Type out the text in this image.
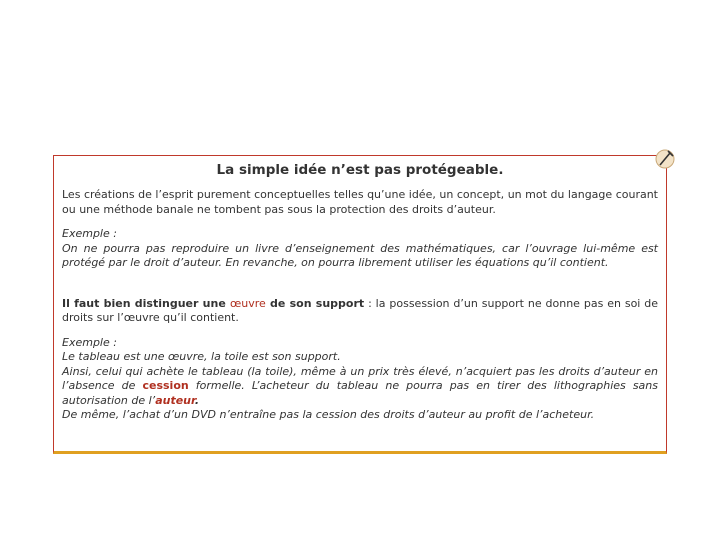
La simple idée n’est pas protégeable.

Les créations de l’esprit purement conceptuelles telles qu’une idée, un concept, un mot du langage courant ou une méthode banale ne tombent pas sous la protection des droits d’auteur.

Exemple :

On ne pourra pas reproduire un livre d’enseignement des mathématiques, car l’ouvrage lui-même est protégé par le droit d’auteur. En revanche, on pourra librement utiliser les équations qu’il contient.

Il faut bien distinguer une œuvre de son support : la possession d’un support ne donne pas en soi de droits sur l’œuvre qu’il contient.

Exemple :

Le tableau est une œuvre, la toile est son support.

Ainsi, celui qui achète le tableau (la toile), même à un prix très élevé, n’acquiert pas les droits d’auteur en l’absence de cession formelle. L’acheteur du tableau ne pourra pas en tirer des lithographies sans autorisation de l’auteur.

De même, l’achat d’un DVD n’entraîne pas la cession des droits d’auteur au profit de l’acheteur.
